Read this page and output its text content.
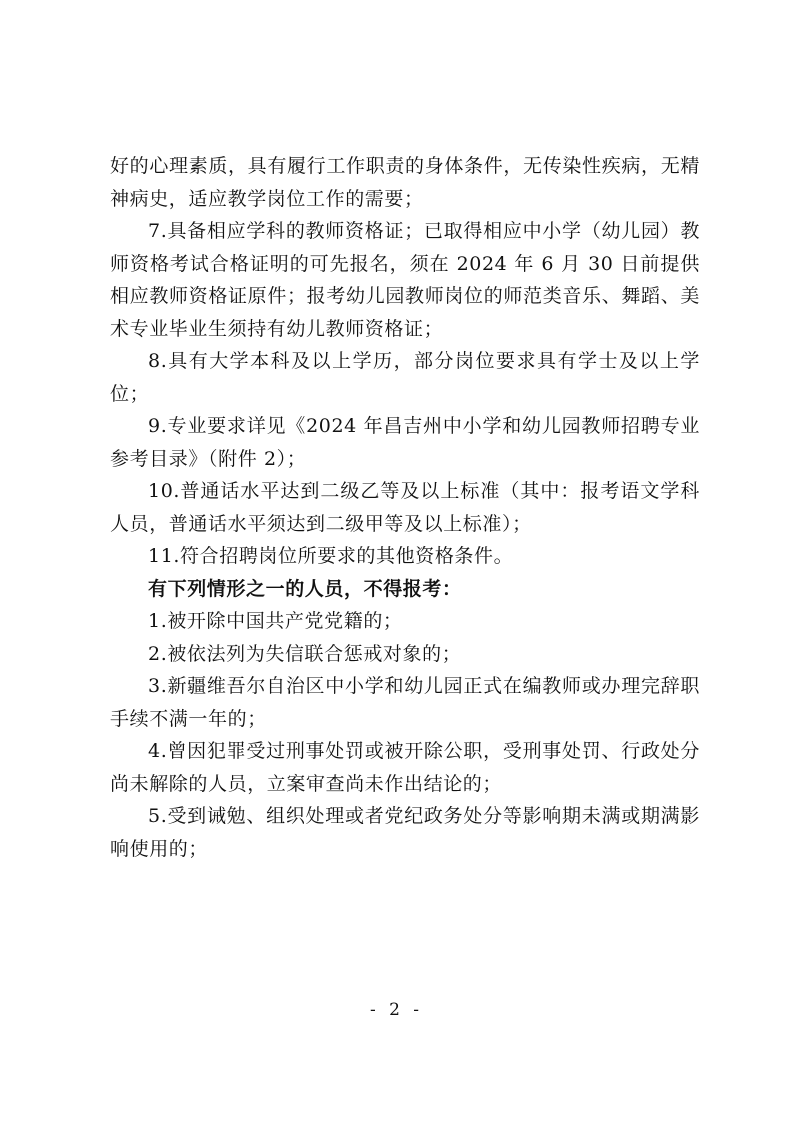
好的心理素质，具有履行工作职责的身体条件，无传染性疾病，无精神病史，适应教学岗位工作的需要；

7.具备相应学科的教师资格证；已取得相应中小学（幼儿园）教师资格考试合格证明的可先报名，须在 2024 年 6 月 30 日前提供相应教师资格证原件；报考幼儿园教师岗位的师范类音乐、舞蹈、美术专业毕业生须持有幼儿教师资格证；

8.具有大学本科及以上学历，部分岗位要求具有学士及以上学位；

9.专业要求详见《2024 年昌吉州中小学和幼儿园教师招聘专业参考目录》（附件 2）；

10.普通话水平达到二级乙等及以上标准（其中：报考语文学科人员，普通话水平须达到二级甲等及以上标准）；

11.符合招聘岗位所要求的其他资格条件。

有下列情形之一的人员，不得报考：

1.被开除中国共产党党籍的；

2.被依法列为失信联合惩戒对象的；

3.新疆维吾尔自治区中小学和幼儿园正式在编教师或办理完辞职手续不满一年的；

4.曾因犯罪受过刑事处罚或被开除公职，受刑事处罚、行政处分尚未解除的人员，立案审查尚未作出结论的；

5.受到诫勉、组织处理或者党纪政务处分等影响期未满或期满影响使用的；

- 2 -
